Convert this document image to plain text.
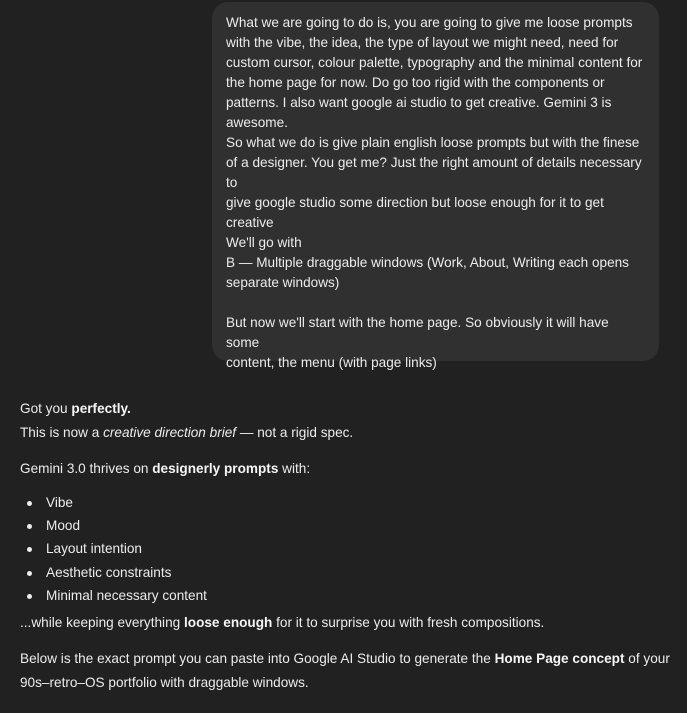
What we are going to do is, you are going to give me loose prompts

with the vibe, the idea, the type of layout we might need, need for

custom cursor, colour palette, typography and the minimal content for

the home page for now. Do go too rigid with the components or

patterns. I also want google ai studio to get creative. Gemini 3 is

awesome.

So what we do is give plain english loose prompts but with the finese

of a designer. You get me? Just the right amount of details necessary to

give google studio some direction but loose enough for it to get

creative

We'll go with

B — Multiple draggable windows (Work, About, Writing each opens

separate windows)

But now we'll start with the home page. So obviously it will have some

content, the menu (with page links)

Got you perfectly.

This is now a creative direction brief — not a rigid spec.

Gemini 3.0 thrives on designerly prompts with:

Vibe
Mood
Layout intention
Aesthetic constraints
Minimal necessary content

...while keeping everything loose enough for it to surprise you with fresh compositions.

Below is the exact prompt you can paste into Google AI Studio to generate the Home Page concept of your
90s–retro–OS portfolio with draggable windows.
